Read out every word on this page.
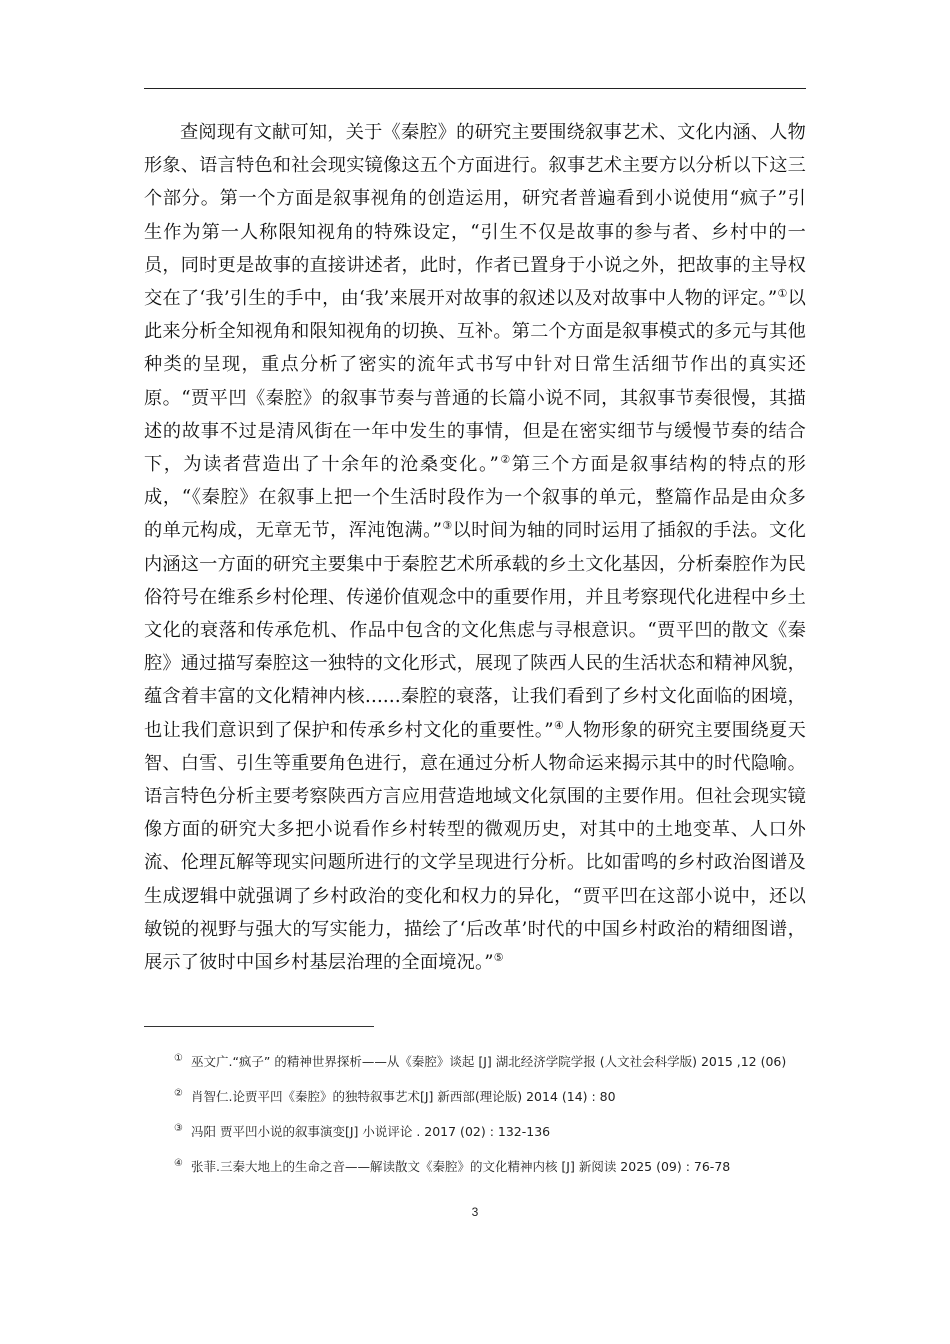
查阅现有文献可知，关于《秦腔》的研究主要围绕叙事艺术、文化内涵、人物形象、语言特色和社会现实镜像这五个方面进行。叙事艺术主要方以分析以下这三个部分。第一个方面是叙事视角的创造运用，研究者普遍看到小说使用“疯子”引生作为第一人称限知视角的特殊设定，“引生不仅是故事的参与者、乡村中的一员，同时更是故事的直接讲述者，此时，作者已置身于小说之外，把故事的主导权交在了‘我’引生的手中，由‘我’来展开对故事的叙述以及对故事中人物的评定。”①以此来分析全知视角和限知视角的切换、互补。第二个方面是叙事模式的多元与其他种类的呈现，重点分析了密实的流年式书写中针对日常生活细节作出的真实还原。“贾平凹《秦腔》的叙事节奏与普通的长篇小说不同，其叙事节奏很慢，其描述的故事不过是清风街在一年中发生的事情，但是在密实细节与缓慢节奏的结合下，为读者营造出了十余年的沧桑变化。”②第三个方面是叙事结构的特点的形成，“《秦腔》在叙事上把一个生活时段作为一个叙事的单元，整篇作品是由众多的单元构成，无章无节，浑沌饱满。”③以时间为轴的同时运用了插叙的手法。文化内涵这一方面的研究主要集中于秦腔艺术所承载的乡土文化基因，分析秦腔作为民俗符号在维系乡村伦理、传递价值观念中的重要作用，并且考察现代化进程中乡土文化的衰落和传承危机、作品中包含的文化焦虑与寻根意识。“贾平凹的散文《秦腔》通过描写秦腔这一独特的文化形式，展现了陕西人民的生活状态和精神风貌，蕴含着丰富的文化精神内核......秦腔的衰落，让我们看到了乡村文化面临的困境，也让我们意识到了保护和传承乡村文化的重要性。”④人物形象的研究主要围绕夏天智、白雪、引生等重要角色进行，意在通过分析人物命运来揭示其中的时代隐喻。语言特色分析主要考察陕西方言应用营造地域文化氛围的主要作用。但社会现实镜像方面的研究大多把小说看作乡村转型的微观历史，对其中的土地变革、人口外流、伦理瓦解等现实问题所进行的文学呈现进行分析。比如雷鸣的乡村政治图谱及生成逻辑中就强调了乡村政治的变化和权力的异化，“贾平凹在这部小说中，还以敏锐的视野与强大的写实能力，描绘了‘后改革’时代的中国乡村政治的精细图谱，展示了彼时中国乡村基层治理的全面境况。”⑤

① 巫文广.“疯子” 的精神世界探析——从《秦腔》谈起 [J] 湖北经济学院学报 (人文社会科学版) 2015 ,12 (06)

② 肖智仁.论贾平凹《秦腔》的独特叙事艺术[J] 新西部(理论版) 2014 (14) : 80

③ 冯阳 贾平凹小说的叙事演变[J] 小说评论 . 2017 (02) : 132-136

④ 张菲.三秦大地上的生命之音——解读散文《秦腔》的文化精神内核 [J] 新阅读 2025 (09) : 76-78

3
